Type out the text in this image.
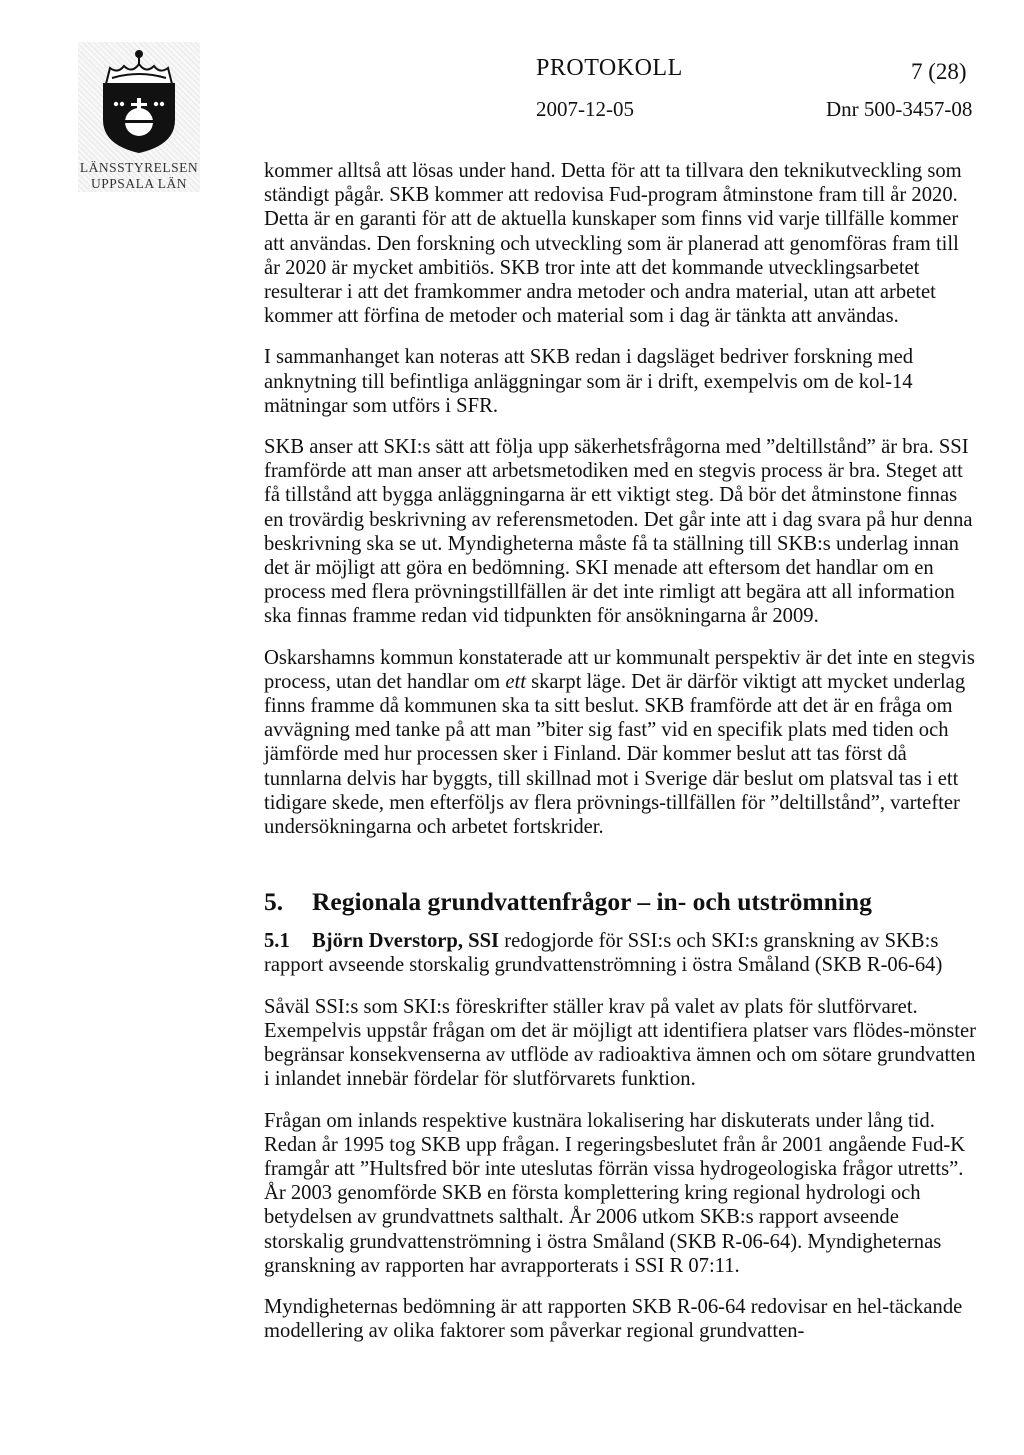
LÄNSSTYRELSEN
UPPSALA LÄN
PROTOKOLL	7 (28)
2007-12-05	Dnr 500-3457-08

kommer alltså att lösas under hand. Detta för att ta tillvara den teknikutveckling som ständigt pågår. SKB kommer att redovisa Fud-program åtminstone fram till år 2020. Detta är en garanti för att de aktuella kunskaper som finns vid varje tillfälle kommer att användas. Den forskning och utveckling som är planerad att genomföras fram till år 2020 är mycket ambitiös. SKB tror inte att det kommande utvecklingsarbetet resulterar i att det framkommer andra metoder och andra material, utan att arbetet kommer att förfina de metoder och material som i dag är tänkta att användas.

I sammanhanget kan noteras att SKB redan i dagsläget bedriver forskning med anknytning till befintliga anläggningar som är i drift, exempelvis om de kol-14 mätningar som utförs i SFR.

SKB anser att SKI:s sätt att följa upp säkerhetsfrågorna med ”deltillstånd” är bra. SSI framförde att man anser att arbetsmetodiken med en stegvis process är bra. Steget att få tillstånd att bygga anläggningarna är ett viktigt steg. Då bör det åtminstone finnas en trovärdig beskrivning av referensmetoden. Det går inte att i dag svara på hur denna beskrivning ska se ut. Myndigheterna måste få ta ställning till SKB:s underlag innan det är möjligt att göra en bedömning. SKI menade att eftersom det handlar om en process med flera prövningstillfällen är det inte rimligt att begära att all information ska finnas framme redan vid tidpunkten för ansökningarna år 2009.

Oskarshamns kommun konstaterade att ur kommunalt perspektiv är det inte en stegvis process, utan det handlar om ett skarpt läge. Det är därför viktigt att mycket underlag finns framme då kommunen ska ta sitt beslut. SKB framförde att det är en fråga om avvägning med tanke på att man ”biter sig fast” vid en specifik plats med tiden och jämförde med hur processen sker i Finland. Där kommer beslut att tas först då tunnlarna delvis har byggts, till skillnad mot i Sverige där beslut om platsval tas i ett tidigare skede, men efterföljs av flera prövnings-tillfällen för ”deltillstånd”, vartefter undersökningarna och arbetet fortskrider.

5. Regionala grundvattenfrågor – in- och utströmning

5.1 Björn Dverstorp, SSI redogjorde för SSI:s och SKI:s granskning av SKB:s rapport avseende storskalig grundvattenströmning i östra Småland (SKB R-06-64)

Såväl SSI:s som SKI:s föreskrifter ställer krav på valet av plats för slutförvaret. Exempelvis uppstår frågan om det är möjligt att identifiera platser vars flödes-mönster begränsar konsekvenserna av utflöde av radioaktiva ämnen och om sötare grundvatten i inlandet innebär fördelar för slutförvarets funktion.

Frågan om inlands respektive kustnära lokalisering har diskuterats under lång tid. Redan år 1995 tog SKB upp frågan. I regeringsbeslutet från år 2001 angående Fud-K framgår att ”Hultsfred bör inte uteslutas förrän vissa hydrogeologiska frågor utretts”. År 2003 genomförde SKB en första komplettering kring regional hydrologi och betydelsen av grundvattnets salthalt. År 2006 utkom SKB:s rapport avseende storskalig grundvattenströmning i östra Småland (SKB R-06-64). Myndigheternas granskning av rapporten har avrapporterats i SSI R 07:11.

Myndigheternas bedömning är att rapporten SKB R-06-64 redovisar en hel-täckande modellering av olika faktorer som påverkar regional grundvatten-
